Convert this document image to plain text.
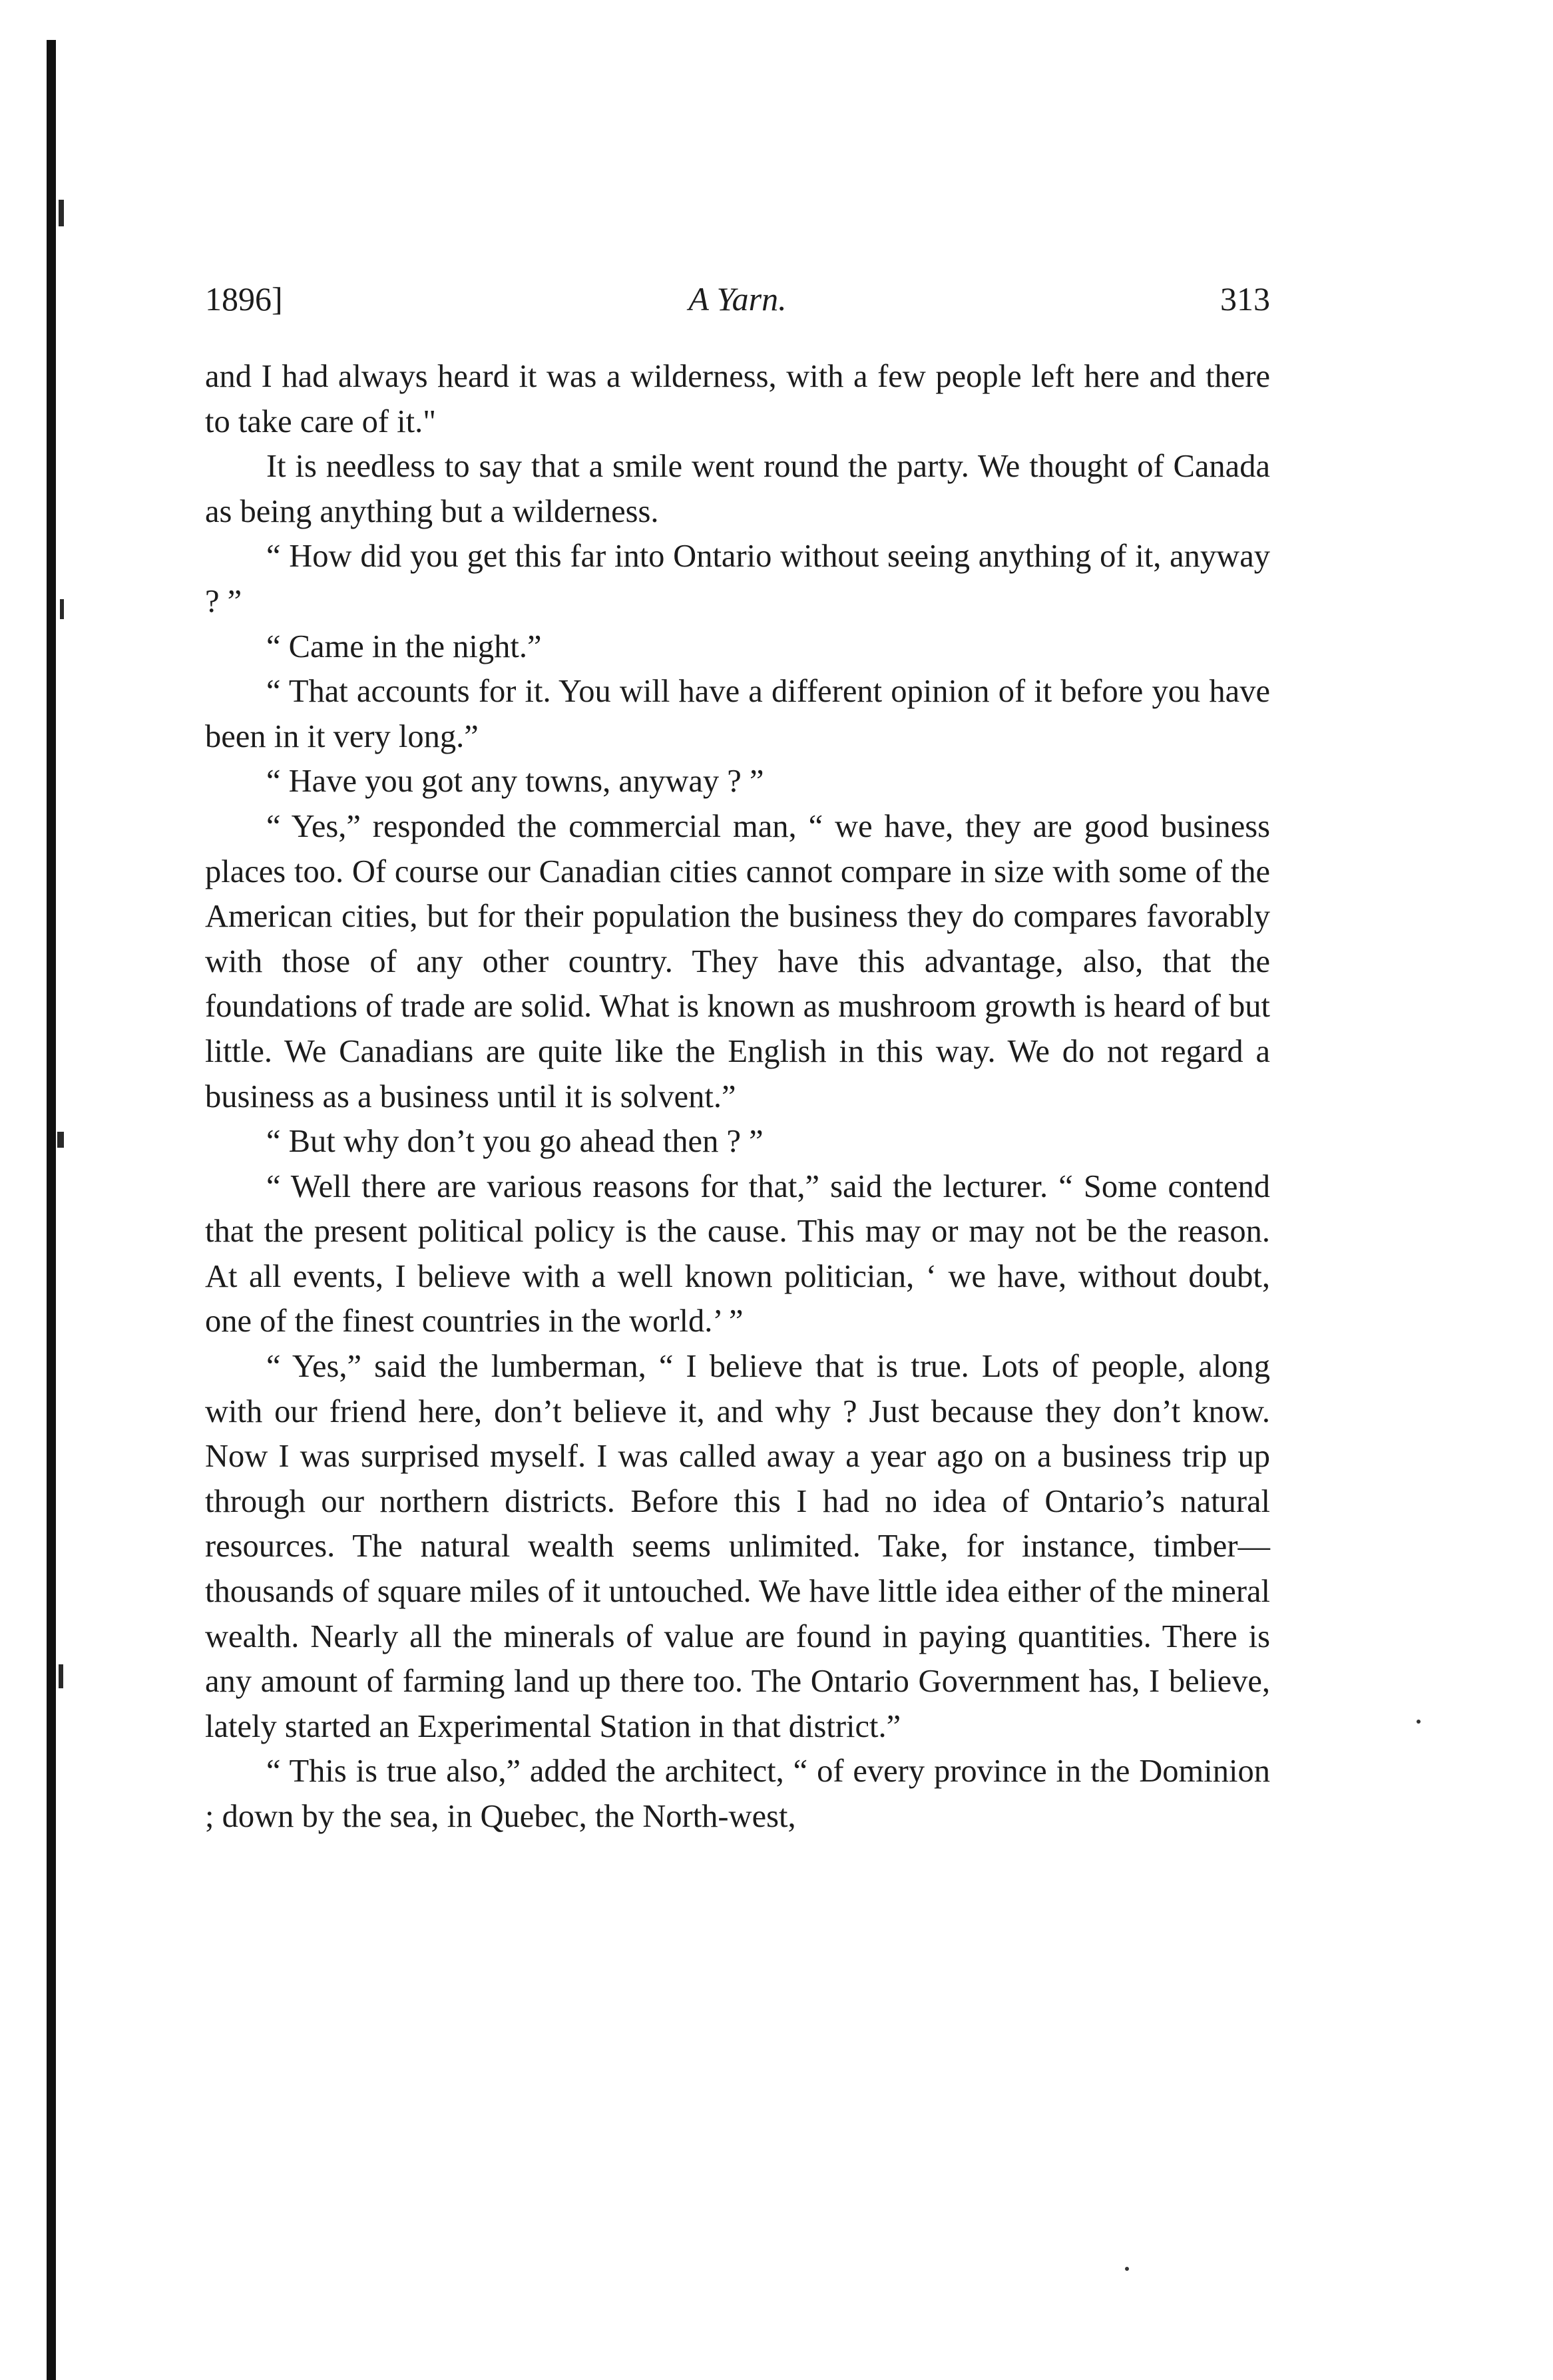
1896]	A Yarn.	313

and I had always heard it was a wilderness, with a few people left here and there to take care of it."

It is needless to say that a smile went round the party. We thought of Canada as being anything but a wilderness.

“ How did you get this far into Ontario without seeing anything of it, anyway ? ”

“ Came in the night.”

“ That accounts for it. You will have a different opinion of it before you have been in it very long.”

“ Have you got any towns, anyway ? ”

“ Yes,” responded the commercial man, “ we have, they are good business places too. Of course our Canadian cities cannot compare in size with some of the American cities, but for their population the business they do compares favorably with those of any other country. They have this advantage, also, that the foundations of trade are solid. What is known as mushroom growth is heard of but little. We Canadians are quite like the English in this way. We do not regard a business as a business until it is solvent.”

“ But why don’t you go ahead then ? ”

“ Well there are various reasons for that,” said the lecturer. “ Some contend that the present political policy is the cause. This may or may not be the reason. At all events, I believe with a well known politician, ‘ we have, without doubt, one of the finest countries in the world.’ ”

“ Yes,” said the lumberman, “ I believe that is true. Lots of people, along with our friend here, don’t believe it, and why ? Just because they don’t know. Now I was surprised myself. I was called away a year ago on a business trip up through our northern districts. Before this I had no idea of Ontario’s natural resources. The natural wealth seems unlimited. Take, for instance, timber—thousands of square miles of it untouched. We have little idea either of the mineral wealth. Nearly all the minerals of value are found in paying quantities. There is any amount of farming land up there too. The Ontario Government has, I believe, lately started an Experimental Station in that district.”

“ This is true also,” added the architect, “ of every province in the Dominion ; down by the sea, in Quebec, the North-west,
